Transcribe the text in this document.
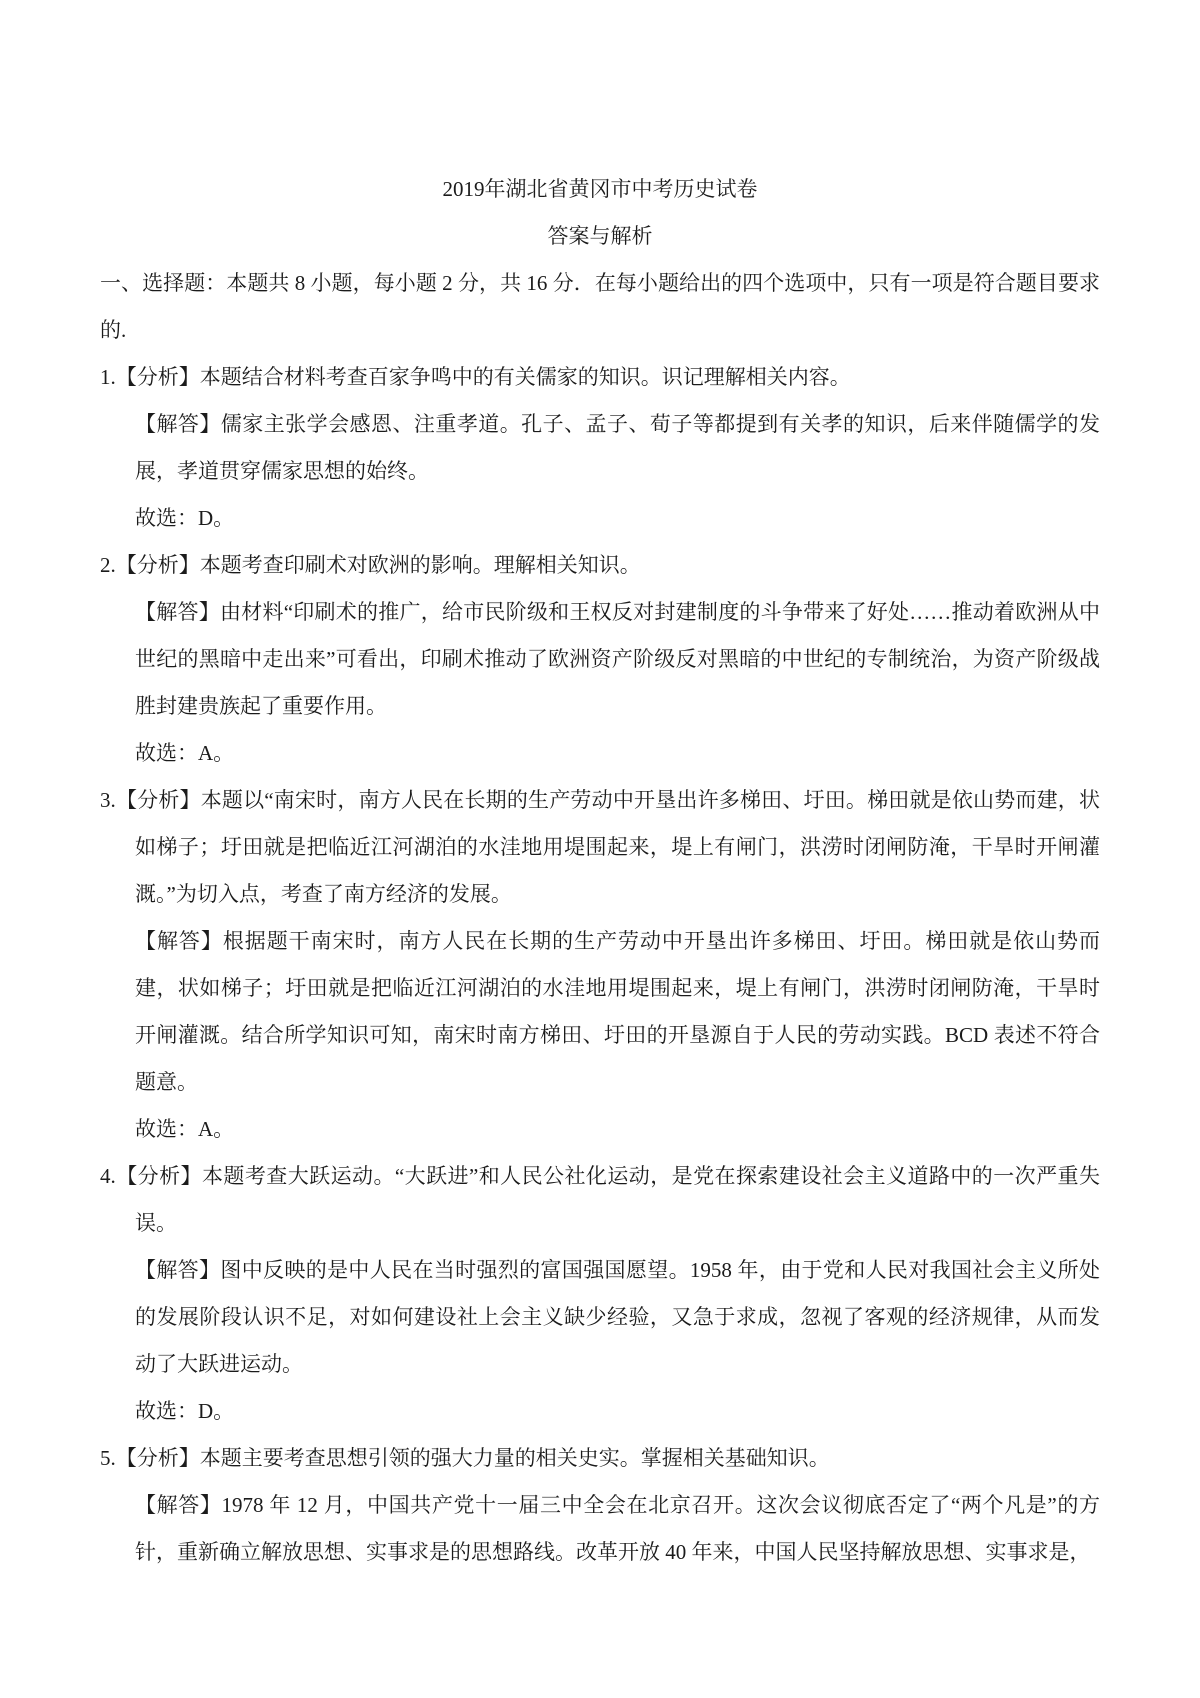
2019年湖北省黄冈市中考历史试卷
答案与解析

一、选择题：本题共 8 小题，每小题 2 分，共 16 分．在每小题给出的四个选项中，只有一项是符合题目要求的.

1.【分析】本题结合材料考查百家争鸣中的有关儒家的知识。识记理解相关内容。

【解答】儒家主张学会感恩、注重孝道。孔子、孟子、荀子等都提到有关孝的知识，后来伴随儒学的发展，孝道贯穿儒家思想的始终。

故选：D。

2.【分析】本题考查印刷术对欧洲的影响。理解相关知识。

【解答】由材料“印刷术的推广，给市民阶级和王权反对封建制度的斗争带来了好处……推动着欧洲从中世纪的黑暗中走出来”可看出，印刷术推动了欧洲资产阶级反对黑暗的中世纪的专制统治，为资产阶级战胜封建贵族起了重要作用。

故选：A。

3.【分析】本题以“南宋时，南方人民在长期的生产劳动中开垦出许多梯田、圩田。梯田就是依山势而建，状如梯子；圩田就是把临近江河湖泊的水洼地用堤围起来，堤上有闸门，洪涝时闭闸防淹，干旱时开闸灌溉。”为切入点，考查了南方经济的发展。

【解答】根据题干南宋时，南方人民在长期的生产劳动中开垦出许多梯田、圩田。梯田就是依山势而建，状如梯子；圩田就是把临近江河湖泊的水洼地用堤围起来，堤上有闸门，洪涝时闭闸防淹，干旱时开闸灌溉。结合所学知识可知，南宋时南方梯田、圩田的开垦源自于人民的劳动实践。BCD 表述不符合题意。

故选：A。

4.【分析】本题考查大跃运动。“大跃进”和人民公社化运动，是党在探索建设社会主义道路中的一次严重失误。

【解答】图中反映的是中人民在当时强烈的富国强国愿望。1958 年，由于党和人民对我国社会主义所处的发展阶段认识不足，对如何建设社上会主义缺少经验，又急于求成，忽视了客观的经济规律，从而发动了大跃进运动。

故选：D。

5.【分析】本题主要考查思想引领的强大力量的相关史实。掌握相关基础知识。

【解答】1978 年 12 月，中国共产党十一届三中全会在北京召开。这次会议彻底否定了“两个凡是”的方针，重新确立解放思想、实事求是的思想路线。改革开放 40 年来，中国人民坚持解放思想、实事求是，
